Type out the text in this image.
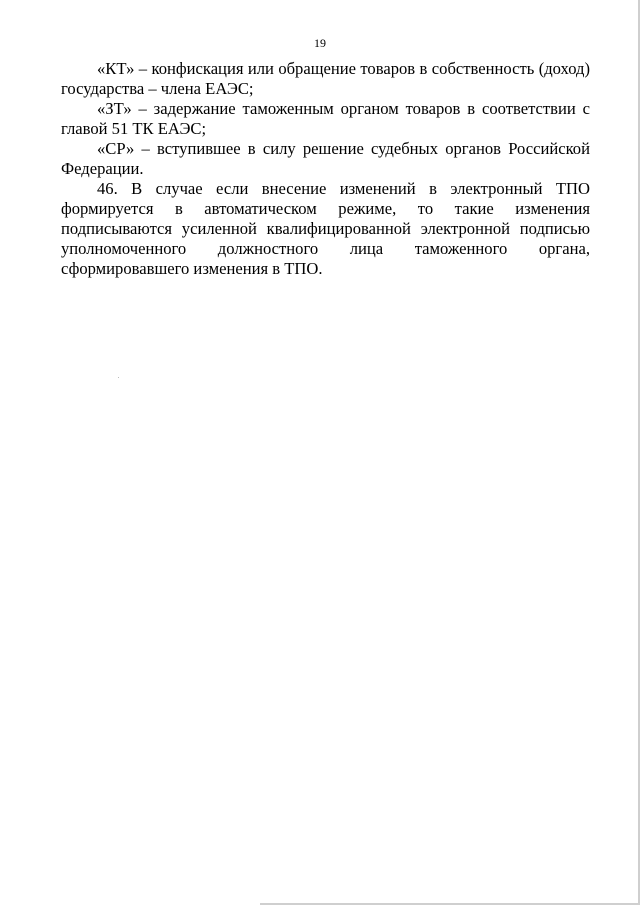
19

«КТ» – конфискация или обращение товаров в собственность (доход) государства – члена ЕАЭС;

«ЗТ» – задержание таможенным органом товаров в соответствии с главой 51 ТК ЕАЭС;

«СР» – вступившее в силу решение судебных органов Российской Федерации.

46. В случае если внесение изменений в электронный ТПО формируется в автоматическом режиме, то такие изменения подписываются усиленной квалифицированной электронной подписью уполномоченного должностного лица таможенного органа, сформировавшего изменения в ТПО.
